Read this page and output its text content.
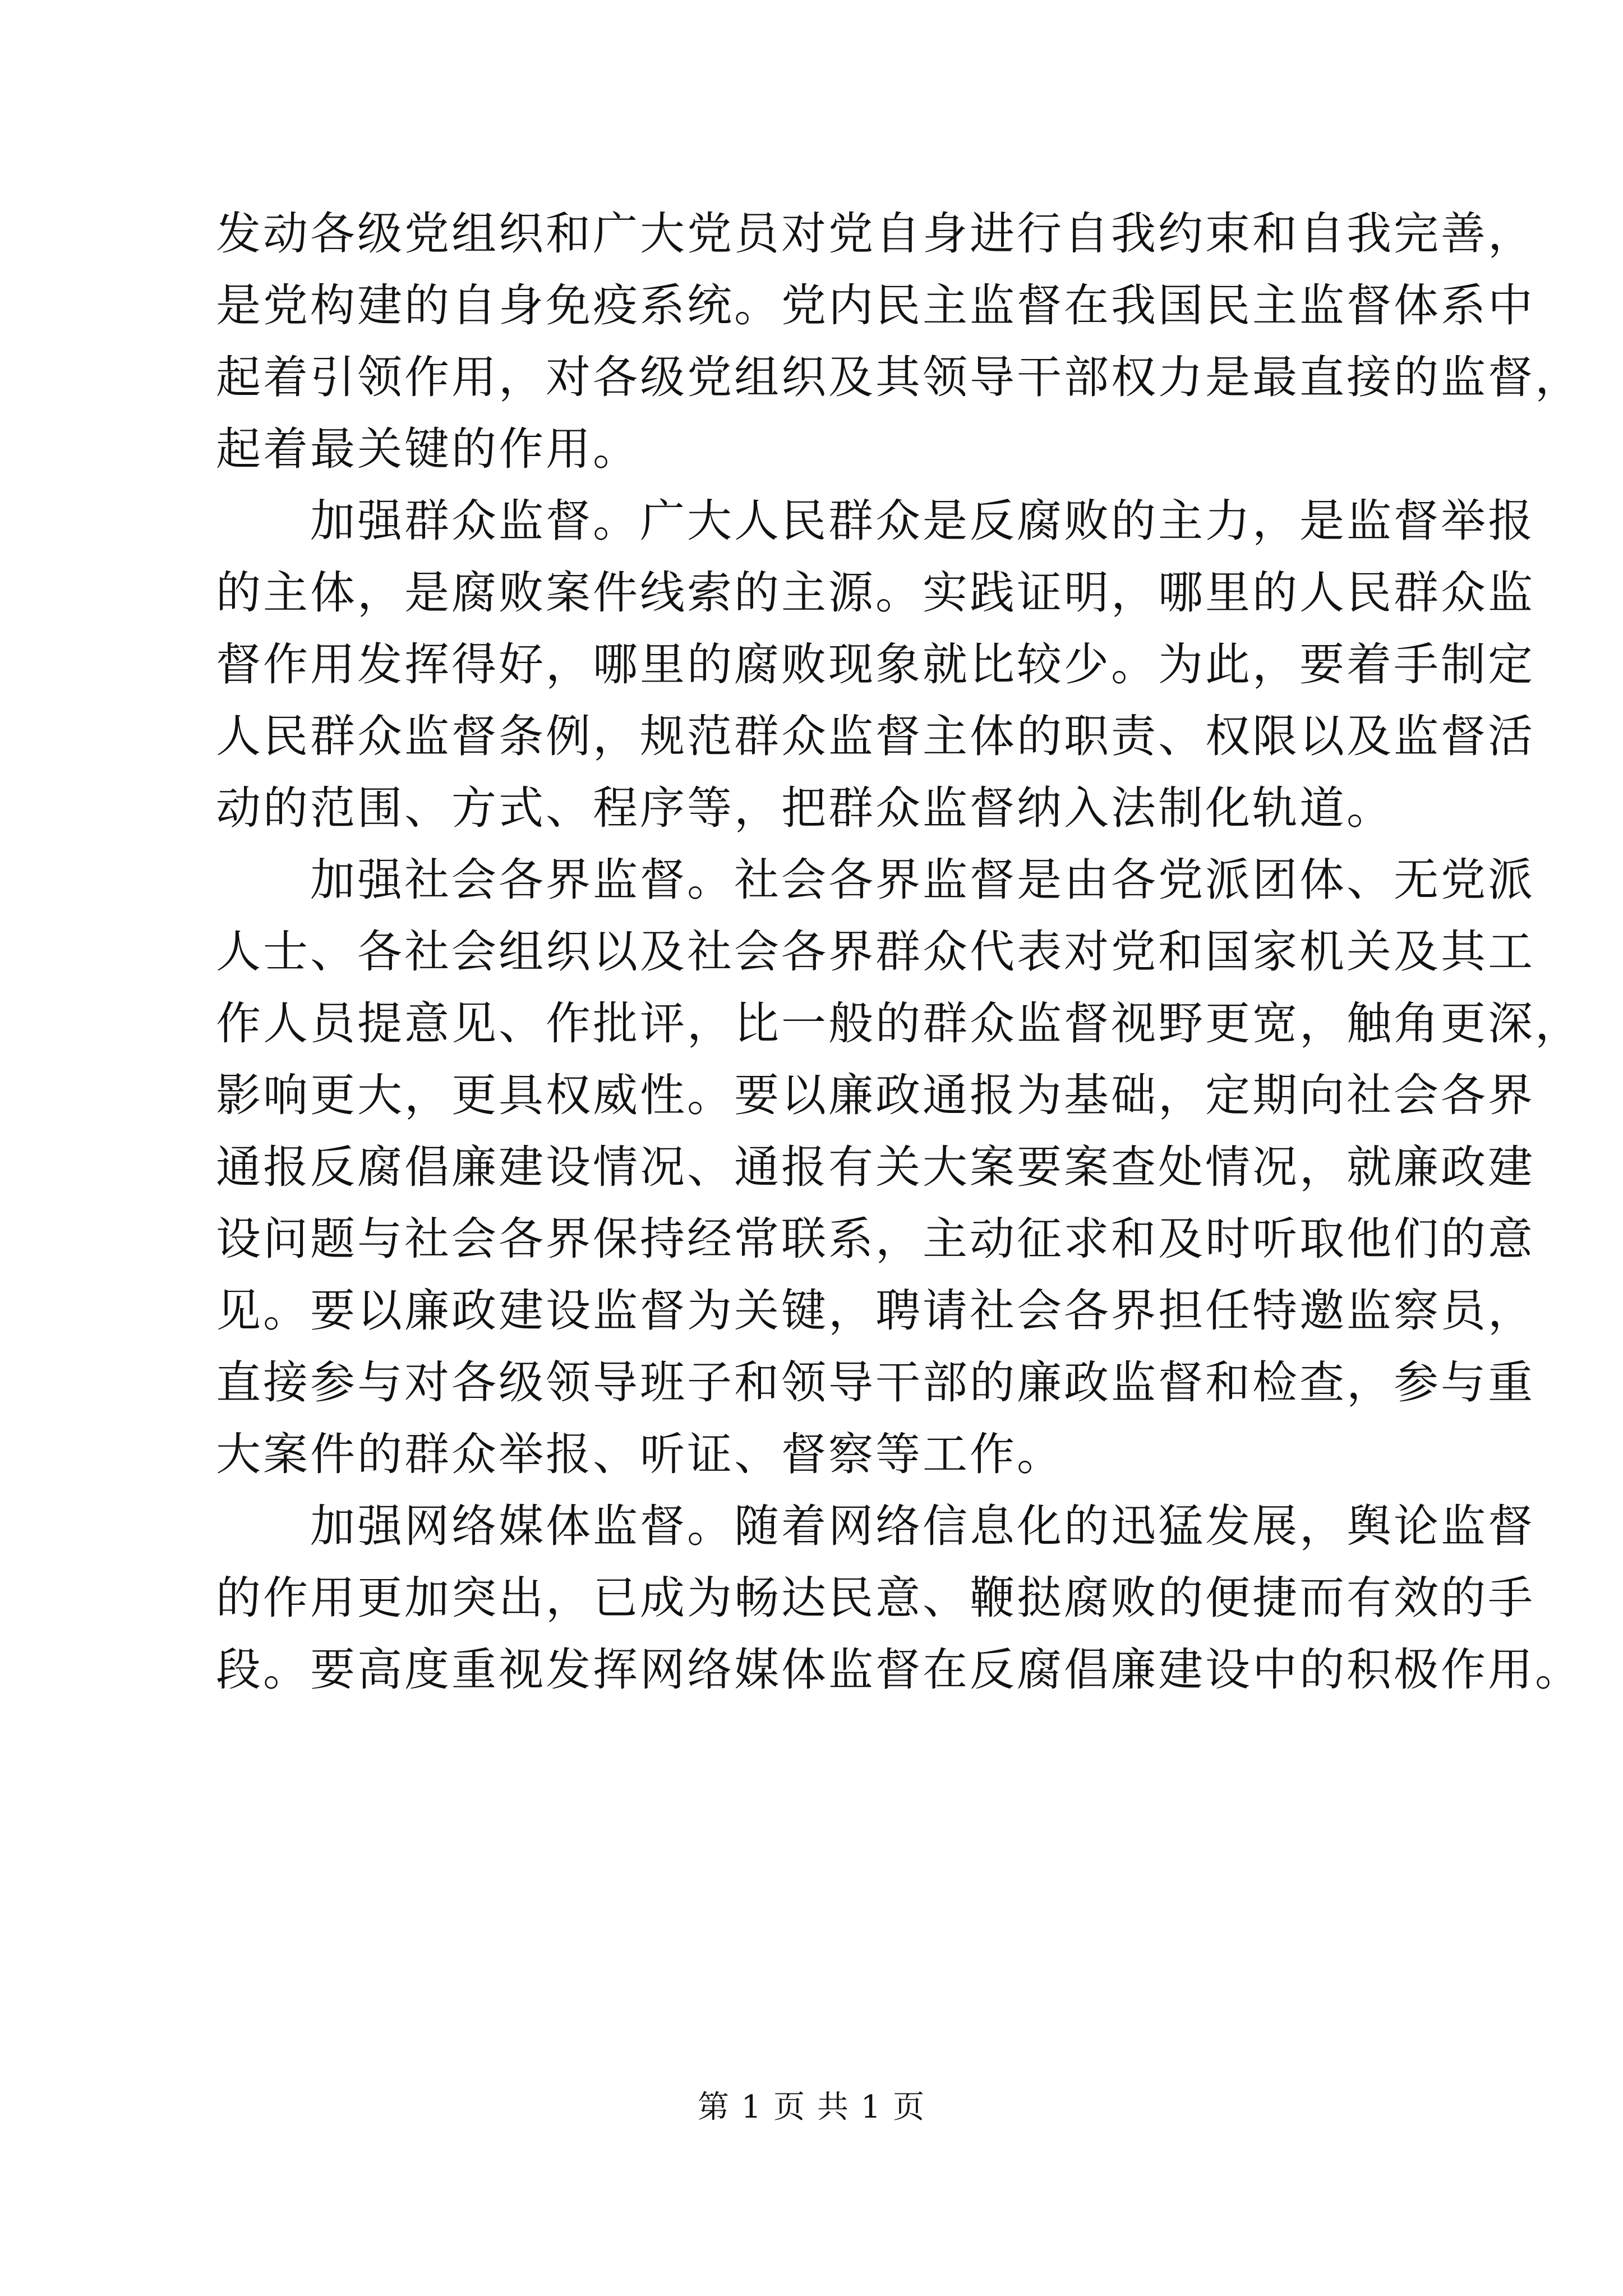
发动各级党组织和广大党员对党自身进行自我约束和自我完善，
是党构建的自身免疫系统。党内民主监督在我国民主监督体系中
起着引领作用，对各级党组织及其领导干部权力是最直接的监督，
起着最关键的作用。
　　加强群众监督。广大人民群众是反腐败的主力，是监督举报
的主体，是腐败案件线索的主源。实践证明，哪里的人民群众监
督作用发挥得好，哪里的腐败现象就比较少。为此，要着手制定
人民群众监督条例，规范群众监督主体的职责、权限以及监督活
动的范围、方式、程序等，把群众监督纳入法制化轨道。
　　加强社会各界监督。社会各界监督是由各党派团体、无党派
人士、各社会组织以及社会各界群众代表对党和国家机关及其工
作人员提意见、作批评，比一般的群众监督视野更宽，触角更深，
影响更大，更具权威性。要以廉政通报为基础，定期向社会各界
通报反腐倡廉建设情况、通报有关大案要案查处情况，就廉政建
设问题与社会各界保持经常联系，主动征求和及时听取他们的意
见。要以廉政建设监督为关键，聘请社会各界担任特邀监察员，
直接参与对各级领导班子和领导干部的廉政监督和检查，参与重
大案件的群众举报、听证、督察等工作。
　　加强网络媒体监督。随着网络信息化的迅猛发展，舆论监督
的作用更加突出，已成为畅达民意、鞭挞腐败的便捷而有效的手
段。要高度重视发挥网络媒体监督在反腐倡廉建设中的积极作用。
第 1 页 共 1 页
